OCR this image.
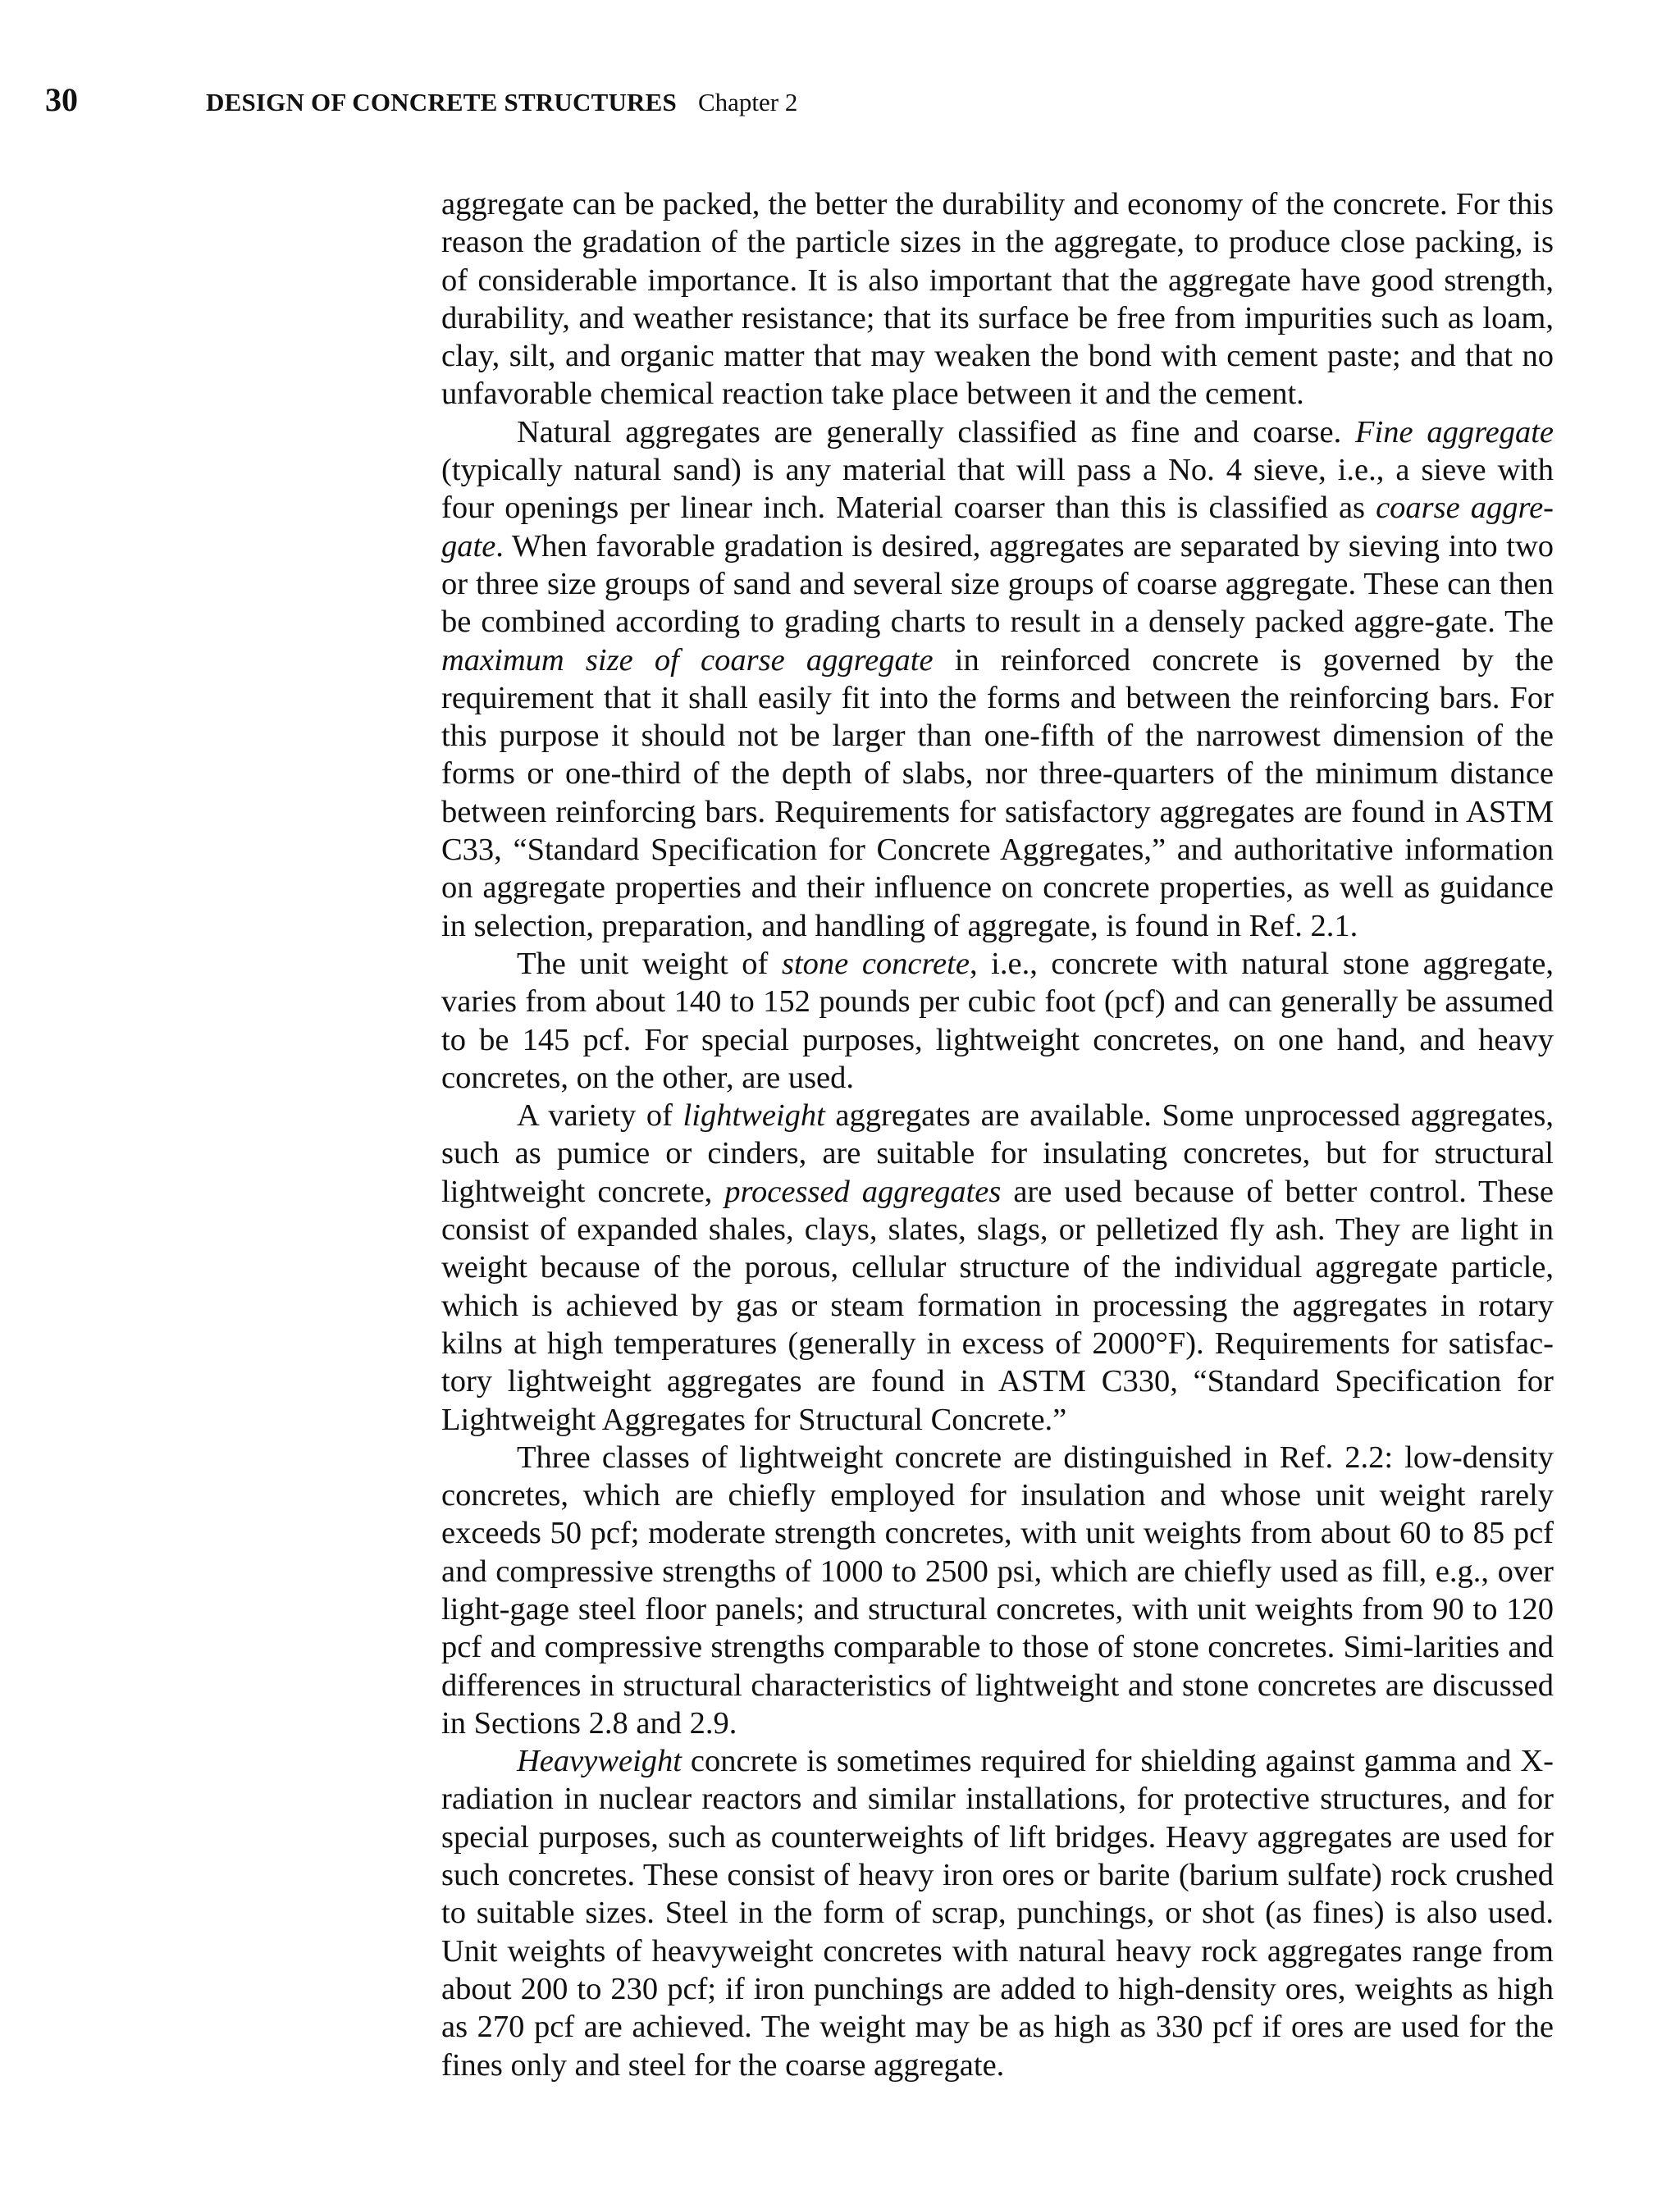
30	DESIGN OF CONCRETE STRUCTURES Chapter 2

aggregate can be packed, the better the durability and economy of the concrete. For this reason the gradation of the particle sizes in the aggregate, to produce close packing, is of considerable importance. It is also important that the aggregate have good strength, durability, and weather resistance; that its surface be free from impurities such as loam, clay, silt, and organic matter that may weaken the bond with cement paste; and that no unfavorable chemical reaction take place between it and the cement.

Natural aggregates are generally classified as fine and coarse. Fine aggregate (typically natural sand) is any material that will pass a No. 4 sieve, i.e., a sieve with four openings per linear inch. Material coarser than this is classified as coarse aggre-gate. When favorable gradation is desired, aggregates are separated by sieving into two or three size groups of sand and several size groups of coarse aggregate. These can then be combined according to grading charts to result in a densely packed aggre-gate. The maximum size of coarse aggregate in reinforced concrete is governed by the requirement that it shall easily fit into the forms and between the reinforcing bars. For this purpose it should not be larger than one-fifth of the narrowest dimension of the forms or one-third of the depth of slabs, nor three-quarters of the minimum distance between reinforcing bars. Requirements for satisfactory aggregates are found in ASTM C33, “Standard Specification for Concrete Aggregates,” and authoritative information on aggregate properties and their influence on concrete properties, as well as guidance in selection, preparation, and handling of aggregate, is found in Ref. 2.1.

The unit weight of stone concrete, i.e., concrete with natural stone aggregate, varies from about 140 to 152 pounds per cubic foot (pcf) and can generally be assumed to be 145 pcf. For special purposes, lightweight concretes, on one hand, and heavy concretes, on the other, are used.

A variety of lightweight aggregates are available. Some unprocessed aggregates, such as pumice or cinders, are suitable for insulating concretes, but for structural lightweight concrete, processed aggregates are used because of better control. These consist of expanded shales, clays, slates, slags, or pelletized fly ash. They are light in weight because of the porous, cellular structure of the individual aggregate particle, which is achieved by gas or steam formation in processing the aggregates in rotary kilns at high temperatures (generally in excess of 2000°F). Requirements for satisfac-tory lightweight aggregates are found in ASTM C330, “Standard Specification for Lightweight Aggregates for Structural Concrete.”

Three classes of lightweight concrete are distinguished in Ref. 2.2: low-density concretes, which are chiefly employed for insulation and whose unit weight rarely exceeds 50 pcf; moderate strength concretes, with unit weights from about 60 to 85 pcf and compressive strengths of 1000 to 2500 psi, which are chiefly used as fill, e.g., over light-gage steel floor panels; and structural concretes, with unit weights from 90 to 120 pcf and compressive strengths comparable to those of stone concretes. Simi-larities and differences in structural characteristics of lightweight and stone concretes are discussed in Sections 2.8 and 2.9.

Heavyweight concrete is sometimes required for shielding against gamma and X-radiation in nuclear reactors and similar installations, for protective structures, and for special purposes, such as counterweights of lift bridges. Heavy aggregates are used for such concretes. These consist of heavy iron ores or barite (barium sulfate) rock crushed to suitable sizes. Steel in the form of scrap, punchings, or shot (as fines) is also used. Unit weights of heavyweight concretes with natural heavy rock aggregates range from about 200 to 230 pcf; if iron punchings are added to high-density ores, weights as high as 270 pcf are achieved. The weight may be as high as 330 pcf if ores are used for the fines only and steel for the coarse aggregate.
